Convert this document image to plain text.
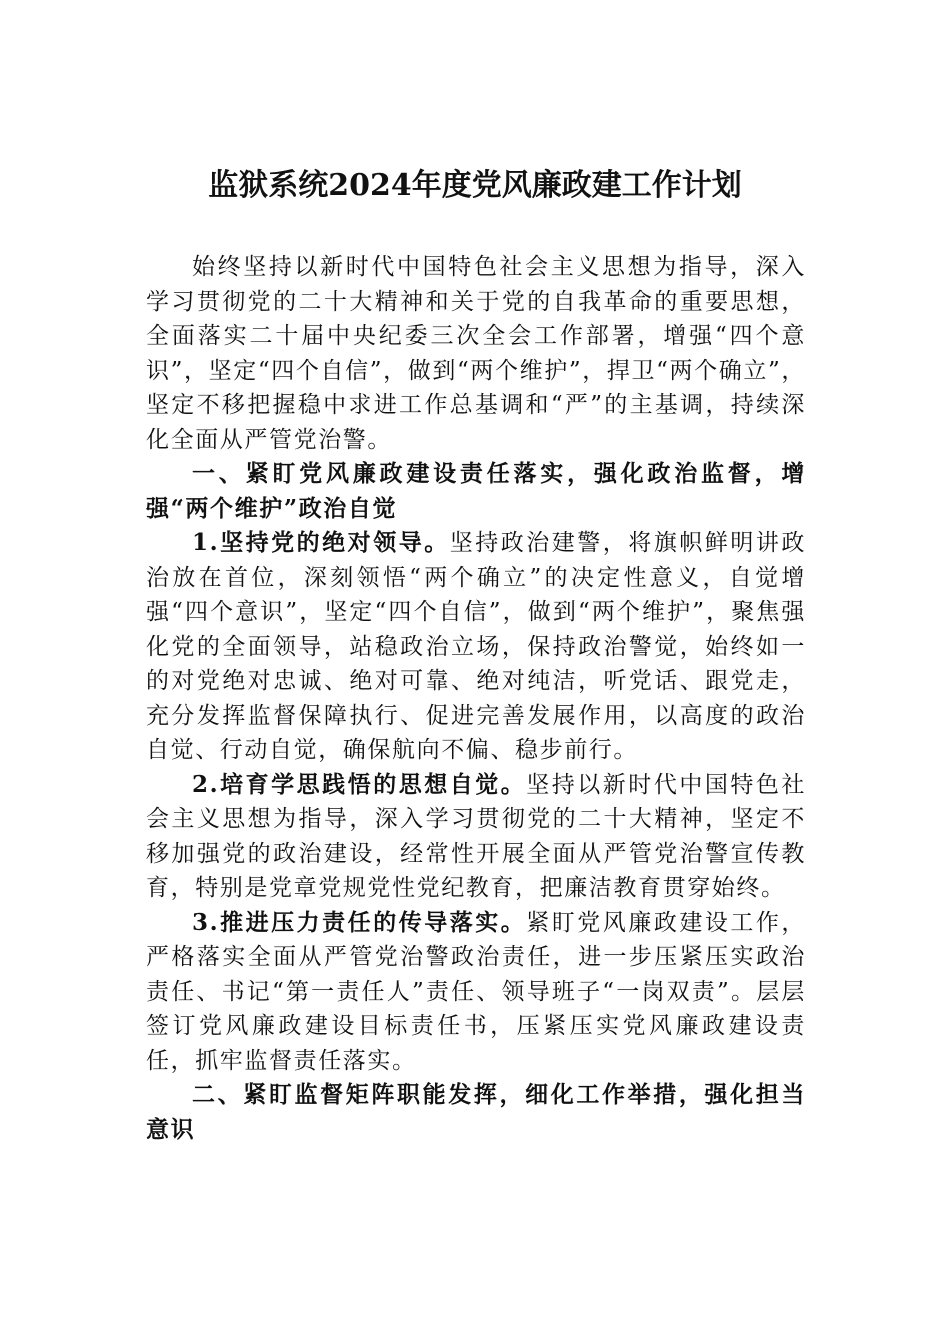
监狱系统2024年度党风廉政建工作计划

始终坚持以新时代中国特色社会主义思想为指导，深入学习贯彻党的二十大精神和关于党的自我革命的重要思想，全面落实二十届中央纪委三次全会工作部署，增强“四个意识”，坚定“四个自信”，做到“两个维护”，捍卫“两个确立”，坚定不移把握稳中求进工作总基调和“严”的主基调，持续深化全面从严管党治警。

一、紧盯党风廉政建设责任落实，强化政治监督，增强“两个维护”政治自觉

1.坚持党的绝对领导。坚持政治建警，将旗帜鲜明讲政治放在首位，深刻领悟“两个确立”的决定性意义，自觉增强“四个意识”，坚定“四个自信”，做到“两个维护”，聚焦强化党的全面领导，站稳政治立场，保持政治警觉，始终如一的对党绝对忠诚、绝对可靠、绝对纯洁，听党话、跟党走，充分发挥监督保障执行、促进完善发展作用，以高度的政治自觉、行动自觉，确保航向不偏、稳步前行。

2.培育学思践悟的思想自觉。坚持以新时代中国特色社会主义思想为指导，深入学习贯彻党的二十大精神，坚定不移加强党的政治建设，经常性开展全面从严管党治警宣传教育，特别是党章党规党性党纪教育，把廉洁教育贯穿始终。

3.推进压力责任的传导落实。紧盯党风廉政建设工作，严格落实全面从严管党治警政治责任，进一步压紧压实政治责任、书记“第一责任人”责任、领导班子“一岗双责”。层层签订党风廉政建设目标责任书，压紧压实党风廉政建设责任，抓牢监督责任落实。

二、紧盯监督矩阵职能发挥，细化工作举措，强化担当意识
